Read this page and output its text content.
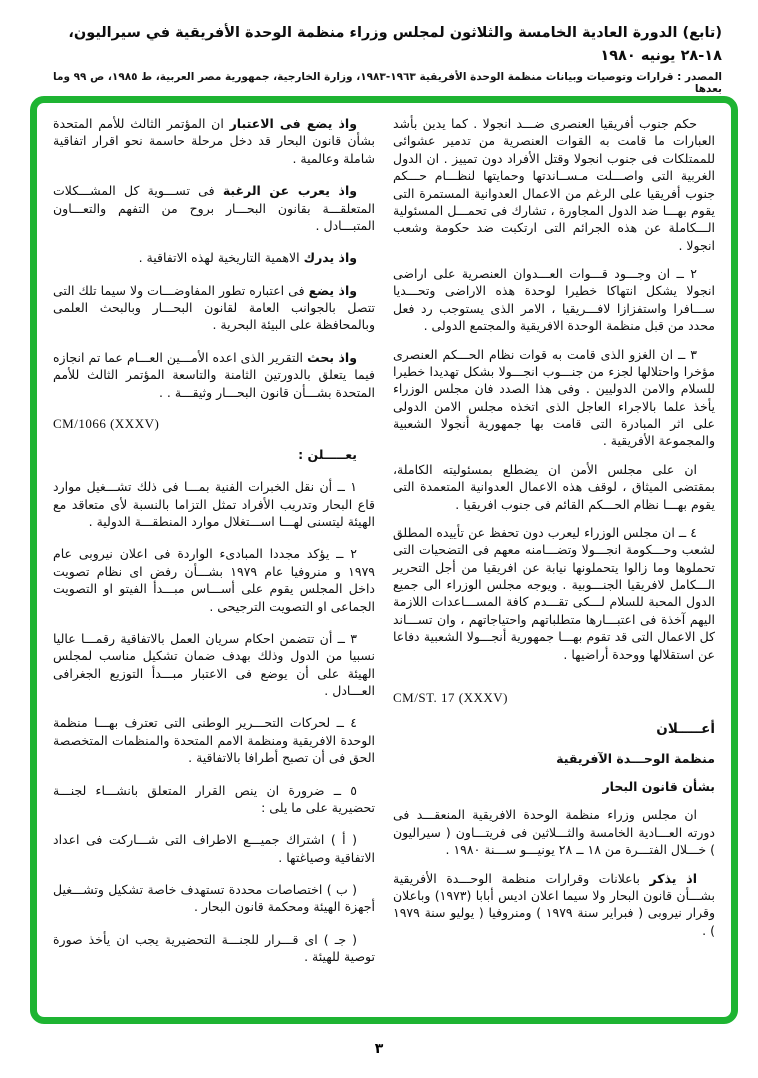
(تابع) الدورة العادية الخامسة والثلاثون لمجلس وزراء منظمة الوحدة الأفريقية في سيراليون، ١٨-٢٨ يونيه ١٩٨٠
المصدر : قرارات وتوصيات وبيانات منظمة الوحدة الأفريقية ١٩٦٣-١٩٨٣، وزارة الخارجية، جمهورية مصر العربية، ط ١٩٨٥، ص ٩٩ وما بعدها

حكم جنوب أفريقيا العنصرى ضـــد انجولا . كما يدين بأشد العبارات ما قامت به القوات العنصرية من تدمير عشوائى للممتلكات فى جنوب انجولا وقتل الأفراد دون تمييز . ان الدول الغربية التى واصـــلت مـســاندتها وحمايتها لنظـــام حـــكم جنوب أفريقيا على الرغم من الاعمال العدوانية المستمرة التى يقوم بهـــا ضد الدول المجاورة ، تشارك فى تحمـــل المسئولية الـــكاملة عن هذه الجرائم التى ارتكبت ضد حكومة وشعب انجولا .

٢ ــ ان وجـــود قـــوات العـــدوان العنصرية على اراضى انجولا يشكل انتهاكا خطيرا لوحدة هذه الاراضى وتحـــديا ســـافرا واستفزازا لافـــريقيا ، الامر الذى يستوجب رد فعل محدد من قبل منظمة الوحدة الافريقية والمجتمع الدولى .

٣ ــ ان الغزو الذى قامت به قوات نظام الحـــكم العنصرى مؤخرا واحتلالها لجزء من جنـــوب انجـــولا بشكل تهديدا خطيرا للسلام والامن الدوليين . وفى هذا الصدد فان مجلس الوزراء يأخذ علما بالاجراء العاجل الذى اتخذه مجلس الامن الدولى على اثر المبادرة التى قامت بها جمهورية أنجولا الشعبية والمجموعة الأفريقية .

ان على مجلس الأمن ان يضطلع بمسئوليته الكاملة، بمقتضى الميثاق ، لوقف هذه الاعمال العدوانية المتعمدة التى يقوم بهـــا نظام الحـــكم القائم فى جنوب افريقيا .

٤ ــ ان مجلس الوزراء ليعرب دون تحفظ عن تأييده المطلق لشعب وحـــكومة انجـــولا وتضـــامنه معهم فى التضحيات التى تحملوها وما زالوا يتحملونها نيابة عن افريقيا من أجل التحرير الـــكامل لافريقيا الجنـــوبية . ويوجه مجلس الوزراء الى جميع الدول المحبة للسلام لـــكى تقـــدم كافة المســـاعدات اللازمة اليهم آخذة فى اعتبـــارها متطلباتهم واحتياجاتهم ، وان تســـاند كل الاعمال التى قد تقوم بهـــا جمهورية أنجـــولا الشعبية دفاعا عن استقلالها ووحدة أراضيها .

CM/ST. 17 (XXXV)

أعـــــلان

منظمة الوحـــدة الآفريقية

بشأن قانون البحار

ان مجلس وزراء منظمة الوحدة الافريقية المنعقـــد فى دورته العـــادية الخامسة والثـــلاثين فى فريتـــاون ( سيراليون ) خـــلال الفتـــرة من ١٨ ــ ٢٨ يونيـــو ســـنة ١٩٨٠ .

اذ يذكر باعلانات وقرارات منظمة الوحـــدة الأفريقية بشـــأن قانون البحار ولا سيما اعلان اديس أبابا (١٩٧٣) وباعلان وقرار نيروبى ( فبراير سنة ١٩٧٩ ) ومنروفيا ( يوليو سنة ١٩٧٩ ) .

واذ يضع فى الاعتبار ان المؤتمر الثالث للأمم المتحدة بشأن قانون البحار قد دخل مرحلة حاسمة نحو اقرار اتفاقية شاملة وعالمية .

واذ يعرب عن الرغبة فى تســـوية كل المشـــكلات المتعلقـــة بقانون البحـــار بروح من التفهم والتعـــاون المتبـــادل .

واذ يدرك الاهمية التاريخية لهذه الاتفاقية .

واذ يضع فى اعتباره تطور المفاوضـــات ولا سيما تلك التى تتصل بالجوانب العامة لقانون البحـــار وبالبحث العلمى وبالمحافظة على البيئة البحرية .

واذ بحث التقرير الذى اعده الأمـــين العـــام عما تم انجازه فيما يتعلق بالدورتين الثامنة والتاسعة المؤتمر الثالث للأمم المتحدة بشـــأن قانون البحـــار وثيقـــة . .

CM/1066 (XXXV)

يعـــــلن :

١ ــ أن نقل الخبرات الفنية بمـــا فى ذلك تشـــغيل موارد قاع البحار وتدريب الأفراد تمثل التزاما بالنسبة لأى متعاقد مع الهيئة ليتسنى لهـــا اســـتغلال موارد المنطقـــة الدولية .

٢ ــ يؤكد مجددا المبادىء الواردة فى اعلان نيروبى عام ١٩٧٩ و منروفيا عام ١٩٧٩ بشـــأن رفض اى نظام تصويت داخل المجلس يقوم على أســـاس مبـــدأ الفيتو او التصويت الجماعى او التصويت الترجيحى .

٣ ــ أن تتضمن احكام سريان العمل بالاتفاقية رقمـــا عاليا نسبيا من الدول وذلك بهدف ضمان تشكيل مناسب لمجلس الهيئة على أن يوضع فى الاعتبار مبـــدأ التوزيع الجغرافى العـــادل .

٤ ــ لحركات التحـــرير الوطنى التى تعترف بهـــا منظمة الوحدة الافريقية ومنظمة الامم المتحدة والمنظمات المتخصصة الحق فى أن تصبح أطرافا بالاتفاقية .

٥ ــ ضرورة ان ينص القرار المتعلق بانشـــاء لجنـــة تحضيرية على ما يلى :

( أ ) اشتراك جميـــع الاطراف التى شـــاركت فى اعداد الاتفاقية وصياغتها .

( ب ) اختصاصات محددة تستهدف خاصة تشكيل وتشـــغيل أجهزة الهيئة ومحكمة قانون البحار .

( جـ ) اى قـــرار للجنـــة التحضيرية يجب ان يأخذ صورة توصية للهيئة .

٣
